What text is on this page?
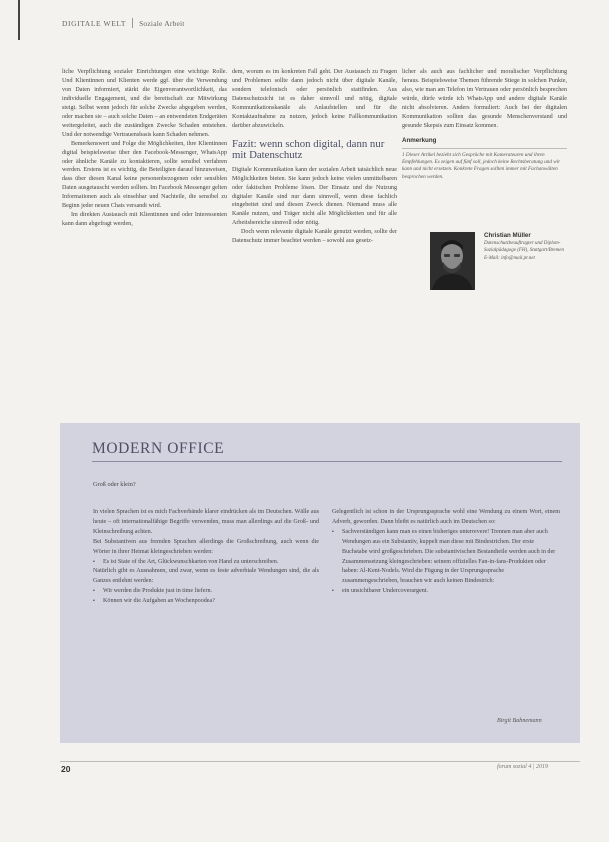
DIGITALE WELT Soziale Arbeit

liche Verpflichtung sozialer Einrichtungen eine wichtige Rolle. Und Klientinnen und Klienten werde ggf. über die Verwendung von Daten informiert, stärkt die Eigenverantwortlichkeit, das individuelle Engagement, und die bereitschaft zur Mitwirkung steigt. Selbst wenn jedoch für solche Zwecke abgegeben werden, oder machen sie – auch solche Daten – an entwendeten Endgeräten weitergeleitet, auch die zuständigen Zwecke Schaden entstehen. Und der notwendige Vertrauensbasis kann Schaden nehmen.

Bemerkenswert und Folge die Möglichkeiten, ihre Klientinnen digital beispielsweise über den Facebook-Messenger, WhatsApp oder ähnliche Kanäle zu kontaktieren, sollte sensibel verfahren werden. Erstens ist es wichtig, die Beteiligten darauf hinzuweisen, dass über diesen Kanal keine personenbezogenen oder sensiblen Daten ausgetauscht werden sollten. Im Facebook Messenger gelten Informationen auch als einsehbar und Nachteile, die sensibel zu Beginn jeder neuen Chats versandt wird.

Im direkten Austausch mit Klientinnen und oder Interessenten kann dann abgefragt werden,

dem, worum es im konkreten Fall geht. Der Austausch zu Fragen und Problemen sollte dann jedoch nicht über digitale Kanäle, sondern telefonisch oder persönlich stattfinden. Aus Datenschutzsicht ist es daher sinnvoll und nötig, digitale Kommunikationskanäle als Anlaufstellen und für die Kontaktaufnahme zu nutzen, jedoch keine Fallkommunikation darüber abzuwickeln.

Fazit: wenn schon digital, dann nur mit Datenschutz

Digitale Kommunikation kann der sozialen Arbeit tatsächlich neue Möglichkeiten bieten. Sie kann jedoch keine vielen unmittelbaren oder faktischen Probleme lösen. Der Einsatz und die Nutzung digitaler Kanäle sind nur dann sinnvoll, wenn diese fachlich eingebettet sind und diesen Zweck dienen. Niemand muss alle Kanäle nutzen, und Träger nicht alle Möglichkeiten und für alle Arbeitsbereiche sinnvoll oder nötig.

Doch wenn relevante digitale Kanäle genutzt werden, sollte der Datenschutz immer beachtet werden – sowohl aus gesetz-

licher als auch aus fachlicher und moralischer Verpflichtung heraus. Beispielsweise Themen führende Stiege in solchen Punkte, also, wie man am Telefon im Vertrauen oder persönlich besprechen würde, dürfe würde ich WhatsApp und andere digitale Kanäle nicht absolvieren. Anders formuliert: Auch bei der digitalen Kommunikation sollten das gesunde Menschenverstand und gesunde Skepsis zum Einsatz kommen.

Anmerkung
1 Dieser Artikel bezieht sich Gespräche mit Kamerateuren und ihren Empfehlungen. Es zeigen auf fünf soll, jedoch keine Rechtsberatung und wir kann und nicht ersetzen. Konkrete Fragen sollten immer mit Fachanwälten besprochen werden.
Christian Müller
Datenschutzbeauftragter und Diplom-Sozialpädagoge (FH), Stuttgart/Bremen
E-Mail: info@mail.pr.net
MODERN OFFICE
Groß oder klein?

In vielen Sprachen ist es mich Fachverbände klarer eindrücken als im Deutschen. Wälle aus heute – oft internationalfähige Begriffe verwenden, muss man allerdings auf die Groß- und Kleinschreibung achten.

Bei Substantiven aus fremden Sprachen allerdings die Großschreibung, auch wenn die Wörter in ihrer Heimat kleingeschrieben werden:

▪ Es ist State of the Art, Glückwunschkarten von Hand zu unterschreiben.

Natürlich gibt es Ausnahmen, und zwar, wenn es feste adverbiale Wendungen sind, die als Ganzes entlehnt werden:

▪ Wir werden die Produkte just in time liefern.
▪ Können wir die Aufgaben an Wochenpoodea?

Gelegentlich ist schon in der Ursprungssprache wohl eine Wendung zu einem Wort, einem Adverb, geworden. Dann bleibt es natürlich auch im Deutschen so:

▪ Sachverständigen kann man es einen bisheriges unterrevere! Trennen man aber auch Wendungen aus ein Substantiv, kuppelt man diese mit Bindestrichen. Der erste Buchstabe wird großgeschrieben. Die substantivischen Bestandteile werden auch in der Zusammensetzung kleingeschrieben: seinem offizielles Fan-in-fans-Produkten oder haben: Al-Kent-Nodels. Wird die Fügung in der Ursprungssprache zusammengeschrieben, brauchen wir auch keinen Bindestrich:
▪ ein unsichtbarer Undercoverargent.
Birgit Bahnemann
20	forum sozial 4 | 2019
